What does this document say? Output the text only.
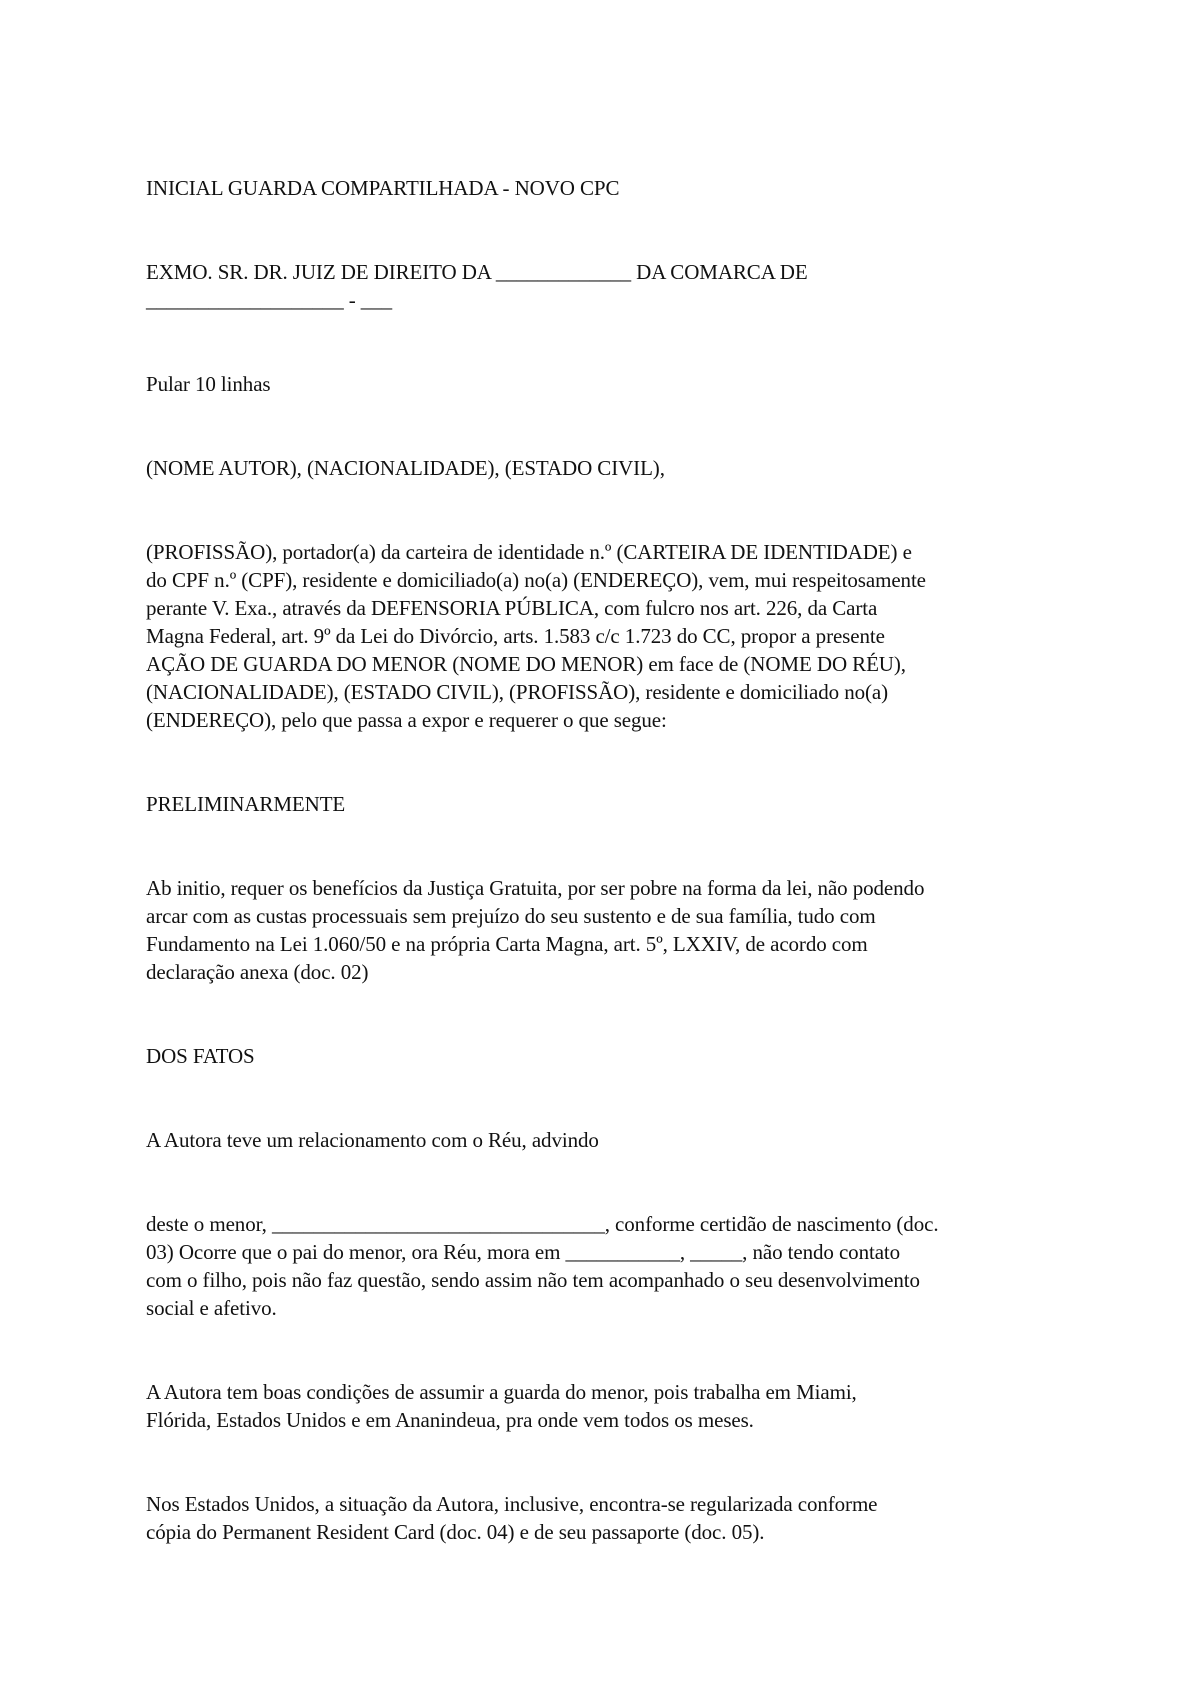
INICIAL GUARDA COMPARTILHADA - NOVO CPC

EXMO. SR. DR. JUIZ DE DIREITO DA _____________ DA COMARCA DE
___________________ - ___

Pular 10 linhas

(NOME AUTOR), (NACIONALIDADE), (ESTADO CIVIL),

(PROFISSÃO), portador(a) da carteira de identidade n.º (CARTEIRA DE IDENTIDADE) e
do CPF n.º (CPF), residente e domiciliado(a) no(a) (ENDEREÇO), vem, mui respeitosamente
perante V. Exa., através da DEFENSORIA PÚBLICA, com fulcro nos art. 226, da Carta
Magna Federal, art. 9º da Lei do Divórcio, arts. 1.583 c/c 1.723 do CC, propor a presente
AÇÃO DE GUARDA DO MENOR (NOME DO MENOR) em face de (NOME DO RÉU),
(NACIONALIDADE), (ESTADO CIVIL), (PROFISSÃO), residente e domiciliado no(a)
(ENDEREÇO), pelo que passa a expor e requerer o que segue:

PRELIMINARMENTE

Ab initio, requer os benefícios da Justiça Gratuita, por ser pobre na forma da lei, não podendo
arcar com as custas processuais sem prejuízo do seu sustento e de sua família, tudo com
Fundamento na Lei 1.060/50 e na própria Carta Magna, art. 5º, LXXIV, de acordo com
declaração anexa (doc. 02)

DOS FATOS

A Autora teve um relacionamento com o Réu, advindo

deste o menor, ________________________________, conforme certidão de nascimento (doc.
03) Ocorre que o pai do menor, ora Réu, mora em ___________, _____, não tendo contato
com o filho, pois não faz questão, sendo assim não tem acompanhado o seu desenvolvimento
social e afetivo.
A Autora tem boas condições de assumir a guarda do menor, pois trabalha em Miami,
Flórida, Estados Unidos e em Ananindeua, pra onde vem todos os meses.
Nos Estados Unidos, a situação da Autora, inclusive, encontra-se regularizada conforme
cópia do Permanent Resident Card (doc. 04) e de seu passaporte (doc. 05).
